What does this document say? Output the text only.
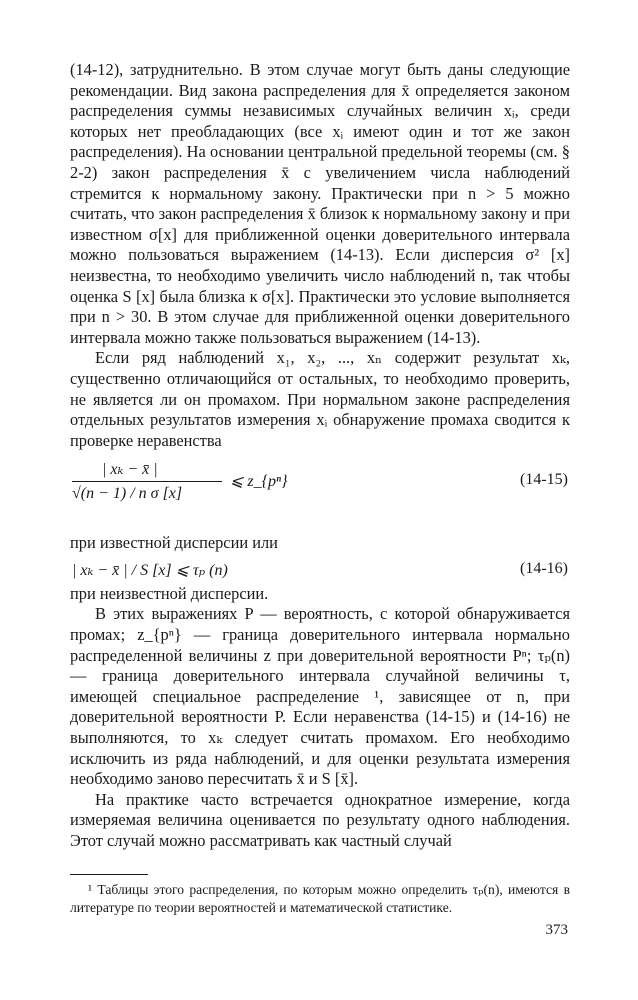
(14-12), затруднительно. В этом случае могут быть даны следующие рекомендации. Вид закона распределения для x̄ определяется законом распределения суммы независимых случайных величин xᵢ, среди которых нет преобладающих (все xᵢ имеют один и тот же закон распределения). На основании центральной предельной теоремы (см. § 2-2) закон распределения x̄ с увеличением числа наблюдений стремится к нормальному закону. Практически при n > 5 можно считать, что закон распределения x̄ близок к нормальному закону и при известном σ[x] для приближенной оценки доверительного интервала можно пользоваться выражением (14-13). Если дисперсия σ² [x] неизвестна, то необходимо увеличить число наблюдений n, так чтобы оценка S [x] была близка к σ[x]. Практически это условие выполняется при n > 30. В этом случае для приближенной оценки доверительного интервала можно также пользоваться выражением (14-13).

Если ряд наблюдений x₁, x₂, ..., xₙ содержит результат xₖ, существенно отличающийся от остальных, то необходимо проверить, не является ли он промахом. При нормальном законе распределения отдельных результатов измерения xᵢ обнаружение промаха сводится к проверке неравенства

| xₖ − x̄ |
√(n − 1) / n σ [x]
⩽ z_{pⁿ}	(14-15)

при известной дисперсии или

| xₖ − x̄ | / S [x] ⩽ τₚ (n)	(14-16)

при неизвестной дисперсии.

В этих выражениях P — вероятность, с которой обнаруживается промах; z_{pⁿ} — граница доверительного интервала нормально распределенной величины z при доверительной вероятности Pⁿ; τₚ(n) — граница доверительного интервала случайной величины τ, имеющей специальное распределение ¹, зависящее от n, при доверительной вероятности P. Если неравенства (14-15) и (14-16) не выполняются, то xₖ следует считать промахом. Его необходимо исключить из ряда наблюдений, и для оценки результата измерения необходимо заново пересчитать x̄ и S [x̄].

На практике часто встречается однократное измерение, когда измеряемая величина оценивается по результату одного наблюдения. Этот случай можно рассматривать как частный случай

¹ Таблицы этого распределения, по которым можно определить τₚ(n), имеются в литературе по теории вероятностей и математической статистике.

373
